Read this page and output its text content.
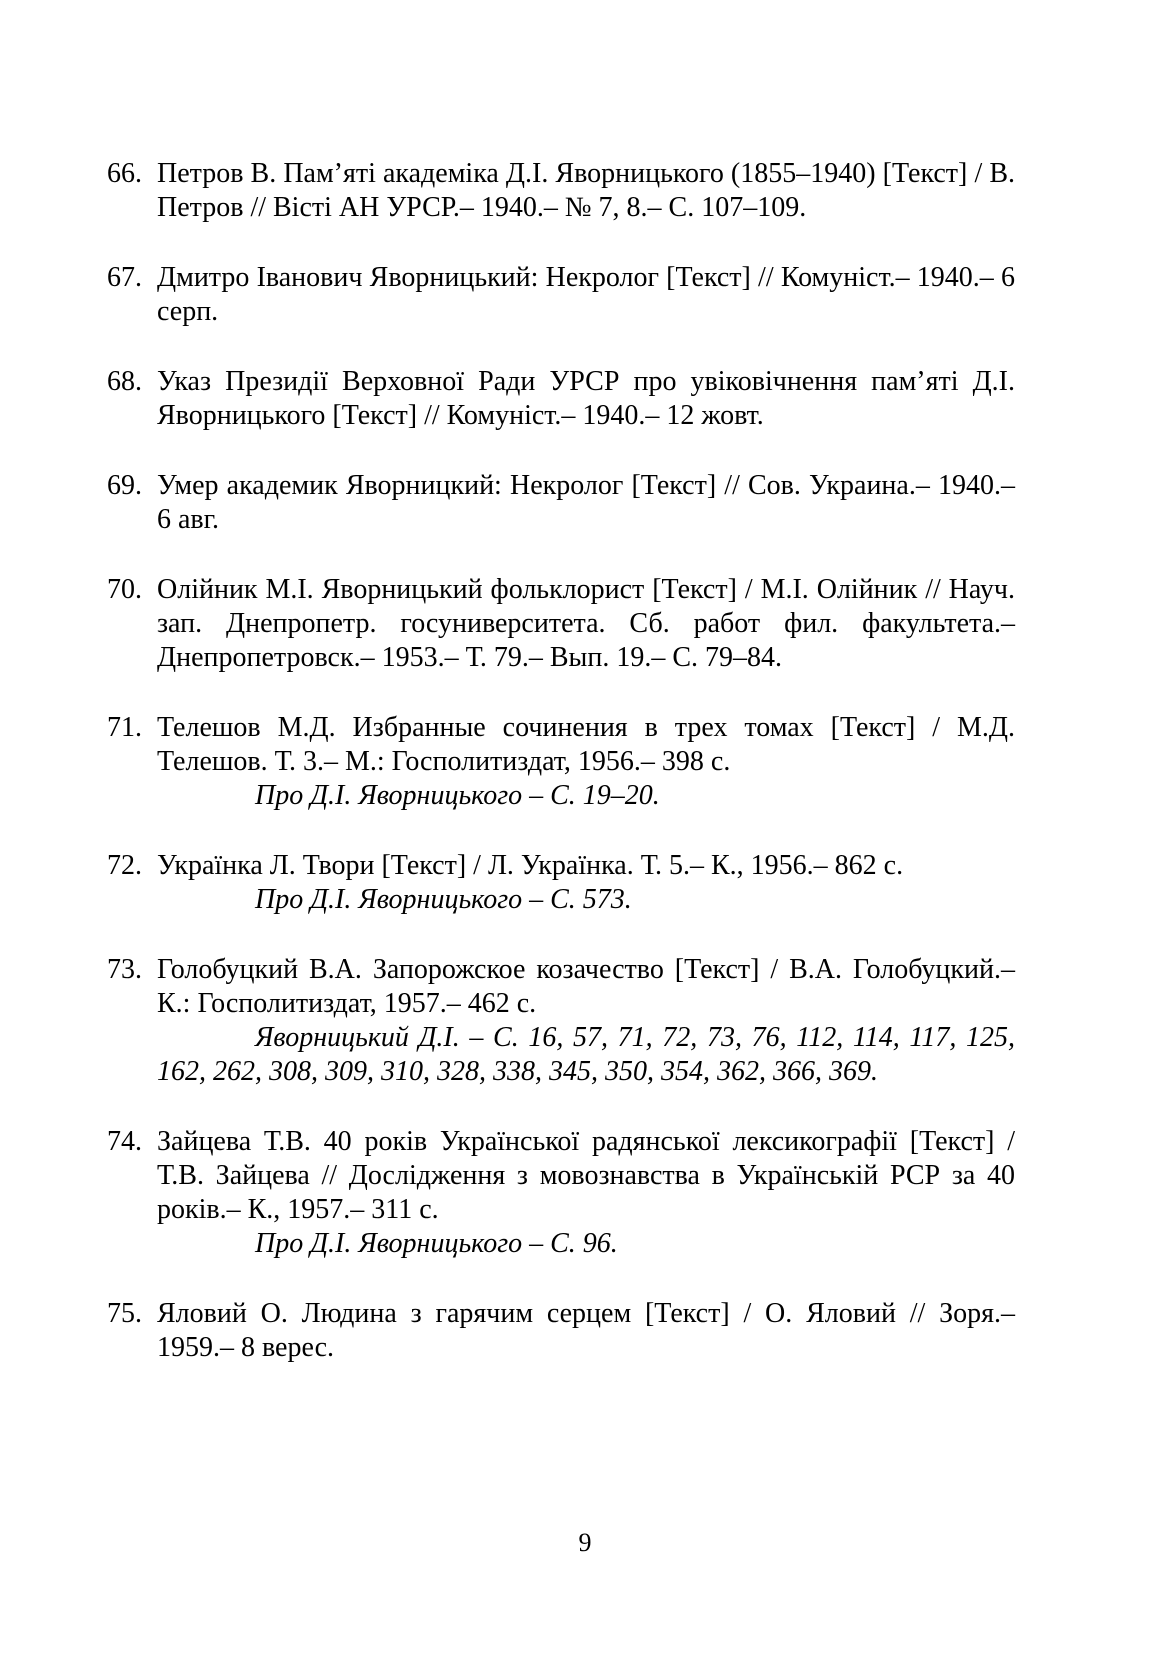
66. Петров В. Пам’яті академіка Д.І. Яворницького (1855–1940) [Текст] / В. Петров // Вісті АН УРСР.– 1940.– № 7, 8.– С. 107–109.
67. Дмитро Іванович Яворницький: Некролог [Текст] // Комуніст.– 1940.– 6 серп.
68. Указ Президії Верховної Ради УРСР про увіковічнення пам’яті Д.І. Яворницького [Текст] // Комуніст.– 1940.– 12 жовт.
69. Умер академик Яворницкий: Некролог [Текст] // Сов. Украина.– 1940.– 6 авг.
70. Олійник М.І. Яворницький фольклорист [Текст] / М.І. Олійник // Науч. зап. Днепропетр. госуниверситета. Сб. работ фил. факультета.– Днепропетровск.– 1953.– Т. 79.– Вып. 19.– С. 79–84.
71. Телешов М.Д. Избранные сочинения в трех томах [Текст] / М.Д. Телешов. Т. 3.– М.: Госполитиздат, 1956.– 398 с.
Про Д.І. Яворницького – С. 19–20.
72. Українка Л. Твори [Текст] / Л. Українка. Т. 5.– К., 1956.– 862 с.
Про Д.І. Яворницького – С. 573.
73. Голобуцкий В.А. Запорожское козачество [Текст] / В.А. Голобуцкий.– К.: Госполитиздат, 1957.– 462 с.
Яворницький Д.І. – С. 16, 57, 71, 72, 73, 76, 112, 114, 117, 125, 162, 262, 308, 309, 310, 328, 338, 345, 350, 354, 362, 366, 369.
74. Зайцева Т.В. 40 років Української радянської лексикографії [Текст] / Т.В. Зайцева // Дослідження з мовознавства в Українській РСР за 40 років.– К., 1957.– 311 с.
Про Д.І. Яворницького – С. 96.
75. Яловий О. Людина з гарячим серцем [Текст] / О. Яловий // Зоря.– 1959.– 8 верес.
9
